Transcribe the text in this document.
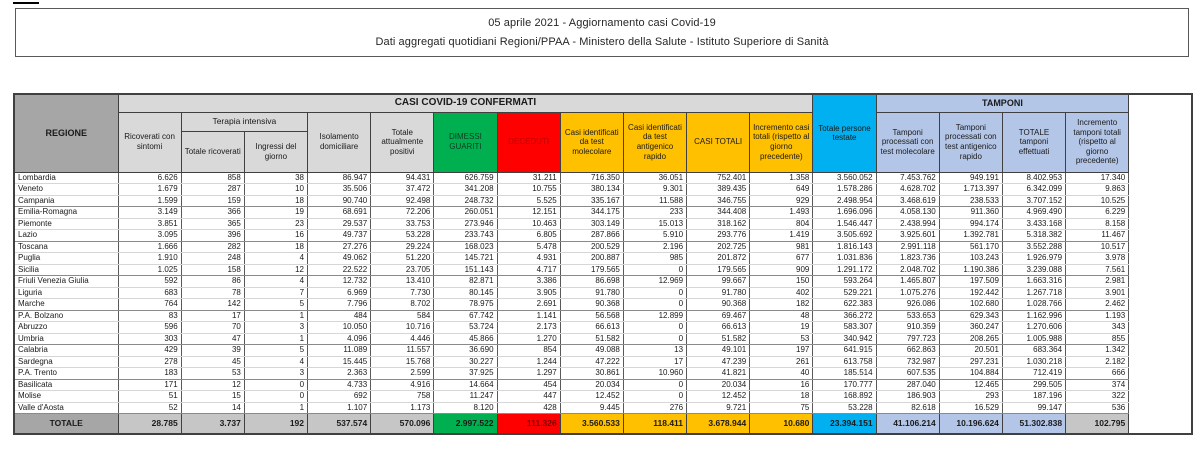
05 aprile 2021 - Aggiornamento casi Covid-19
Dati aggregati quotidiani Regioni/PPAA - Ministero della Salute - Istituto Superiore di Sanità
REGIONE	CASI COVID-19 CONFERMATI											Totale persone testate	TAMPONI			
	Ricoverati con sintomi	Terapia intensiva		Isolamento domiciliare	Totale attualmente positivi	DIMESSI GUARITI	DECEDUTI	Casi identificati da test molecolare	Casi identificati da test antigenico rapido	CASI TOTALI	Incremento casi totali (rispetto al giorno precedente)		Tamponi processati con test molecolare	Tamponi processati con test antigenico rapido	TOTALE tamponi effettuati	Incremento tamponi totali (rispetto al giorno precedente)
		Totale ricoverati	Ingressi del giorno													
Lombardia	6.626	858	38	86.947	94.431	626.759	31.211	716.350	36.051	752.401	1.358	3.560.052	7.453.762	949.191	8.402.953	17.340
Veneto	1.679	287	10	35.506	37.472	341.208	10.755	380.134	9.301	389.435	649	1.578.286	4.628.702	1.713.397	6.342.099	9.863
Campania	1.599	159	18	90.740	92.498	248.732	5.525	335.167	11.588	346.755	929	2.498.954	3.468.619	238.533	3.707.152	10.525
Emilia-Romagna	3.149	366	19	68.691	72.206	260.051	12.151	344.175	233	344.408	1.493	1.696.096	4.058.130	911.360	4.969.490	6.229
Piemonte	3.851	365	23	29.537	33.753	273.946	10.463	303.149	15.013	318.162	804	1.546.447	2.438.994	994.174	3.433.168	8.158
Lazio	3.095	396	16	49.737	53.228	233.743	6.805	287.866	5.910	293.776	1.419	3.505.692	3.925.601	1.392.781	5.318.382	11.467
Toscana	1.666	282	18	27.276	29.224	168.023	5.478	200.529	2.196	202.725	981	1.816.143	2.991.118	561.170	3.552.288	10.517
Puglia	1.910	248	4	49.062	51.220	145.721	4.931	200.887	985	201.872	677	1.031.836	1.823.736	103.243	1.926.979	3.978
Sicilia	1.025	158	12	22.522	23.705	151.143	4.717	179.565	0	179.565	909	1.291.172	2.048.702	1.190.386	3.239.088	7.561
Friuli Venezia Giulia	592	86	4	12.732	13.410	82.871	3.386	86.698	12.969	99.667	150	593.264	1.465.807	197.509	1.663.316	2.981
Liguria	683	78	7	6.969	7.730	80.145	3.905	91.780	0	91.780	402	529.221	1.075.276	192.442	1.267.718	3.901
Marche	764	142	5	7.796	8.702	78.975	2.691	90.368	0	90.368	182	622.383	926.086	102.680	1.028.766	2.462
P.A. Bolzano	83	17	1	484	584	67.742	1.141	56.568	12.899	69.467	48	366.272	533.653	629.343	1.162.996	1.193
Abruzzo	596	70	3	10.050	10.716	53.724	2.173	66.613	0	66.613	19	583.307	910.359	360.247	1.270.606	343
Umbria	303	47	1	4.096	4.446	45.866	1.270	51.582	0	51.582	53	340.942	797.723	208.265	1.005.988	855
Calabria	429	39	5	11.089	11.557	36.690	854	49.088	13	49.101	197	641.915	662.863	20.501	683.364	1.342
Sardegna	278	45	4	15.445	15.768	30.227	1.244	47.222	17	47.239	261	613.758	732.987	297.231	1.030.218	2.182
P.A. Trento	183	53	3	2.363	2.599	37.925	1.297	30.861	10.960	41.821	40	185.514	607.535	104.884	712.419	666
Basilicata	171	12	0	4.733	4.916	14.664	454	20.034	0	20.034	16	170.777	287.040	12.465	299.505	374
Molise	51	15	0	692	758	11.247	447	12.452	0	12.452	18	168.892	186.903	293	187.196	322
Valle d'Aosta	52	14	1	1.107	1.173	8.120	428	9.445	276	9.721	75	53.228	82.618	16.529	99.147	536
TOTALE	28.785	3.737	192	537.574	570.096	2.997.522	111.326	3.560.533	118.411	3.678.944	10.680	23.394.151	41.106.214	10.196.624	51.302.838	102.795
